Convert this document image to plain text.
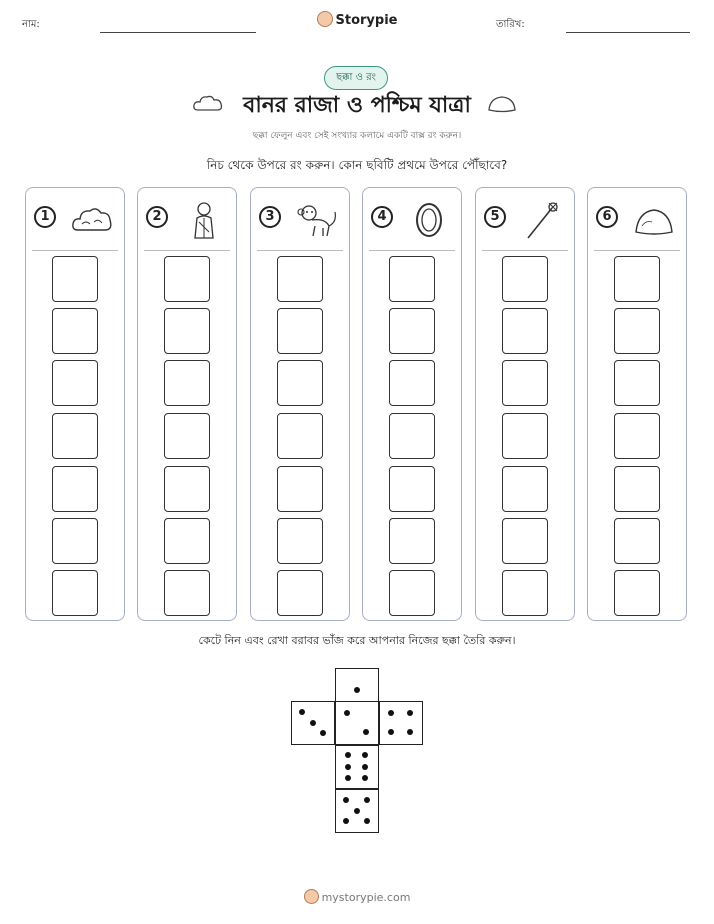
নাম:	Storypie	তারিখ:
ছক্কা ও রং
বানর রাজা ও পশ্চিম যাত্রা
ছক্কা ফেলুন এবং সেই সংখ্যার কলামে একটি বাক্স রং করুন।
নিচ থেকে উপরে রং করুন। কোন ছবিটি প্রথমে উপরে পৌঁছাবে?
1	2	3	4	5	6
কেটে নিন এবং রেখা বরাবর ভাঁজ করে আপনার নিজের ছক্কা তৈরি করুন।
mystorypie.com
